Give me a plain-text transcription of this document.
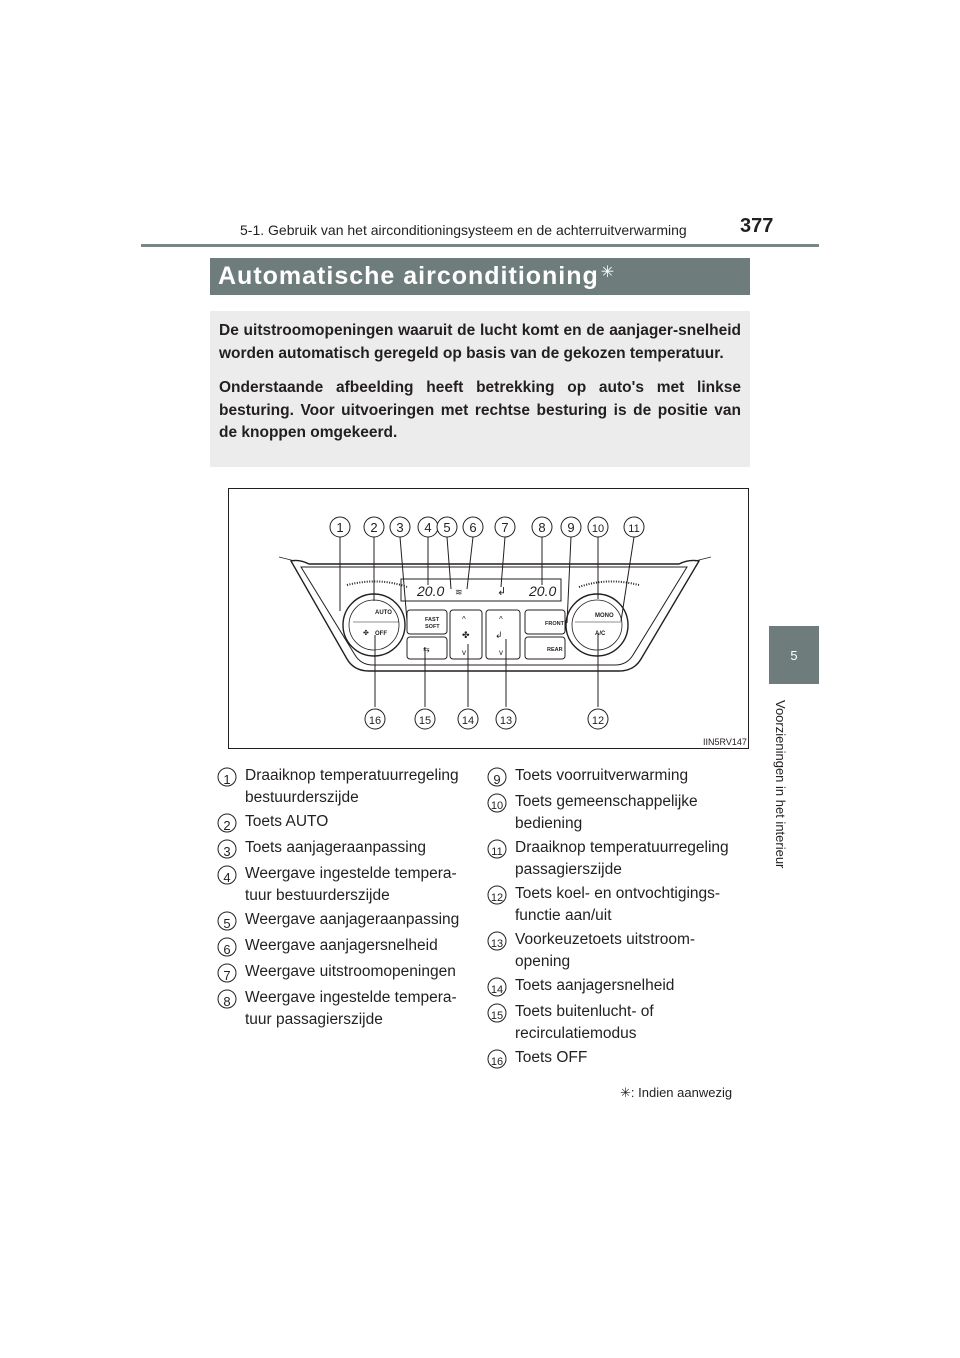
5-1. Gebruik van het airconditioningsysteem en de achterruitverwarming	377
5
Voorzieningen in het interieur
Automatische airconditioning ✳

De uitstroomopeningen waaruit de lucht komt en de aanjager-snelheid worden automatisch geregeld op basis van de gekozen temperatuur.

Onderstaande afbeelding heeft betrekking op auto's met linkse besturing. Voor uitvoeringen met rechtse besturing is de positie van de knoppen omgekeerd.

20.0	20.0
↲
≋
AUTO
OFF
✤
MONO
A/C
FAST
SOFT
⇆
^
✤
v
^
↲
v
FRONT
REAR
1 2 3 4 5 6 7 8 9 10 11
12
13
14
15
16
IIN5RV147
1 Draaiknop temperatuurregeling
bestuurderszijde
2 Toets AUTO
3 Toets aanjageraanpassing
4 Weergave ingestelde tempera-
tuur bestuurderszijde
5 Weergave aanjageraanpassing
6 Weergave aanjagersnelheid
7 Weergave uitstroomopeningen
8 Weergave ingestelde tempera-
tuur passagierszijde
9 Toets voorruitverwarming
10 Toets gemeenschappelijke
bediening
11 Draaiknop temperatuurregeling
passagierszijde
12 Toets koel- en ontvochtigings-
functie aan/uit
13 Voorkeuzetoets uitstroom-
opening
14 Toets aanjagersnelheid
15 Toets buitenlucht- of
recirculatiemodus
16 Toets OFF
✳: Indien aanwezig
